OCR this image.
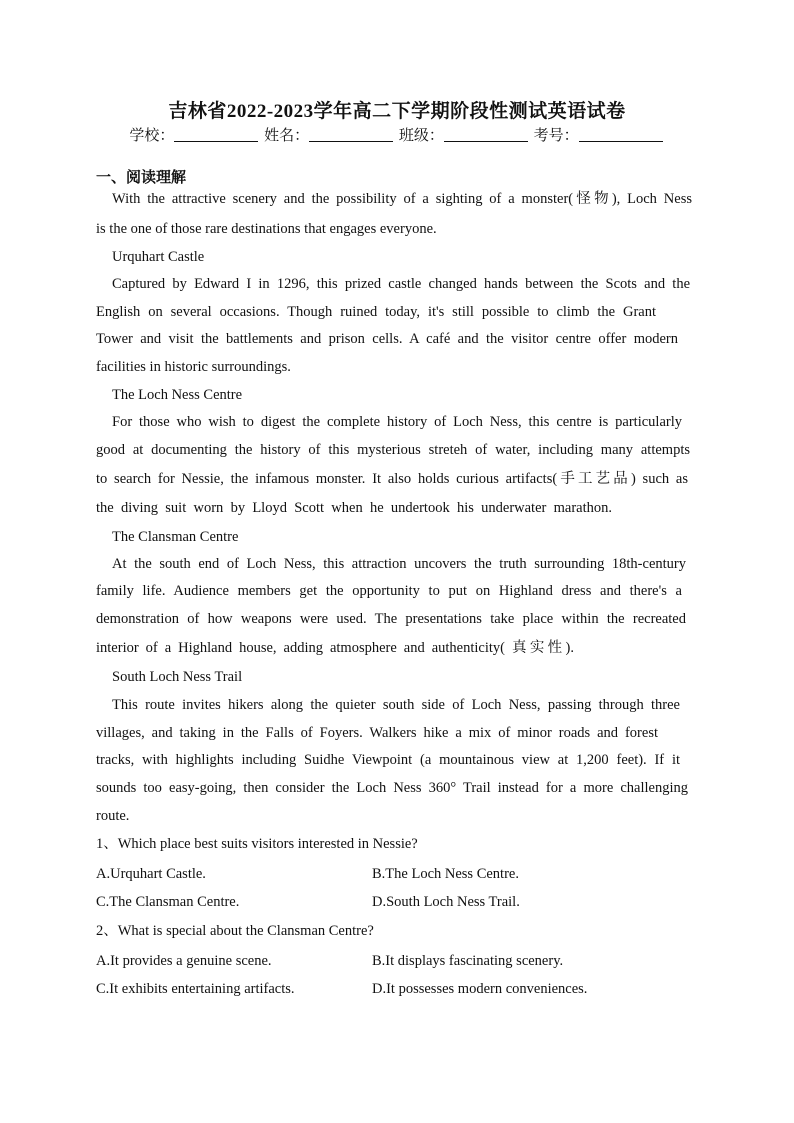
吉林省2022-2023学年高二下学期阶段性测试英语试卷
学校：	姓名：	班级：	考号：
一、阅读理解
With the attractive scenery and the possibility of a sighting of a monster(怪物), Loch Ness
is the one of those rare destinations that engages everyone.
Urquhart Castle
Captured by Edward I in 1296, this prized castle changed hands between the Scots and the
English on several occasions. Though ruined today, it's still possible to climb the Grant
Tower and visit the battlements and prison cells. A café and the visitor centre offer modern
facilities in historic surroundings.
The Loch Ness Centre
For those who wish to digest the complete history of Loch Ness, this centre is particularly
good at documenting the history of this mysterious streteh of water, including many attempts
to search for Nessie, the infamous monster. It also holds curious artifacts(手工艺品) such as
the diving suit worn by Lloyd Scott when he undertook his underwater marathon.
The Clansman Centre
At the south end of Loch Ness, this attraction uncovers the truth surrounding 18th-century
family life. Audience members get the opportunity to put on Highland dress and there's a
demonstration of how weapons were used. The presentations take place within the recreated
interior of a Highland house, adding atmosphere and authenticity( 真实性).
South Loch Ness Trail
This route invites hikers along the quieter south side of Loch Ness, passing through three
villages, and taking in the Falls of Foyers. Walkers hike a mix of minor roads and forest
tracks, with highlights including Suidhe Viewpoint (a mountainous view at 1,200 feet). If it
sounds too easy-going, then consider the Loch Ness 360° Trail instead for a more challenging
route.
1、Which place best suits visitors interested in Nessie?
A.Urquhart Castle.	B.The Loch Ness Centre.
C.The Clansman Centre.	D.South Loch Ness Trail.
2、What is special about the Clansman Centre?
A.It provides a genuine scene.	B.It displays fascinating scenery.
C.It exhibits entertaining artifacts.	D.It possesses modern conveniences.
